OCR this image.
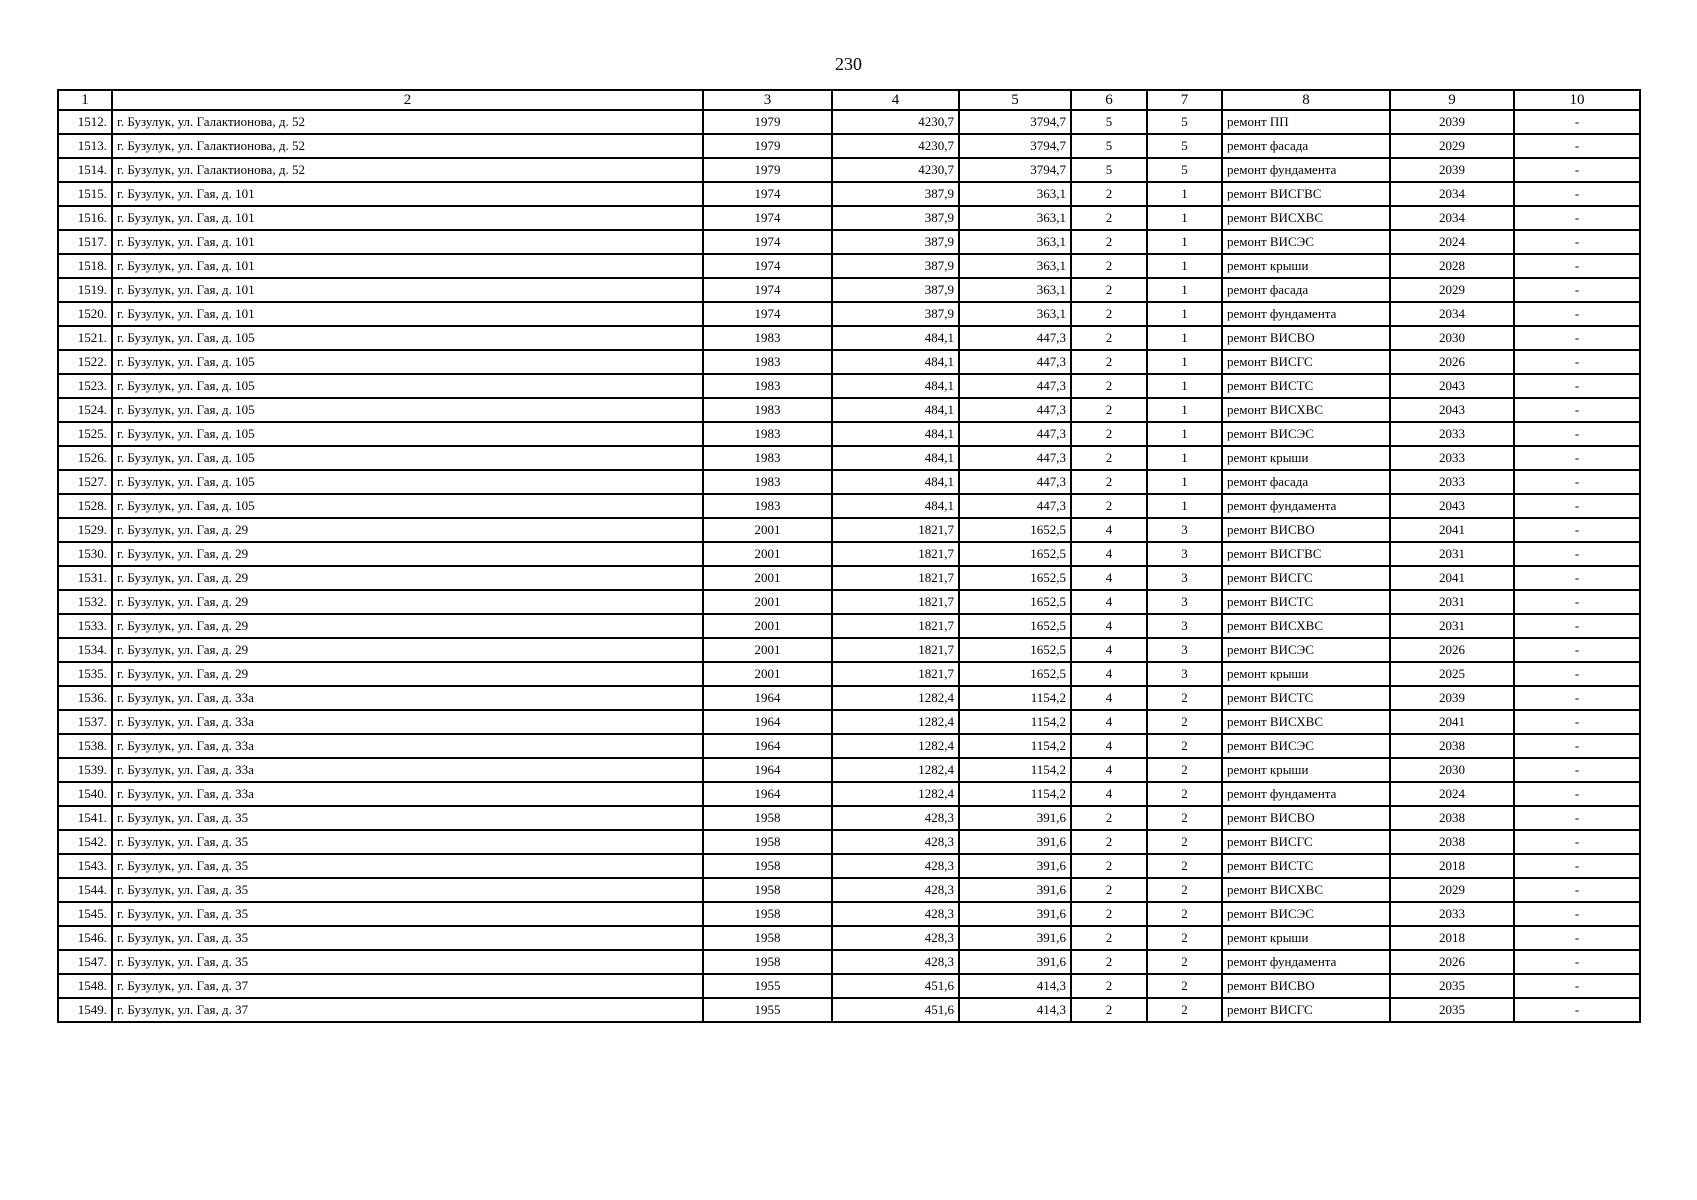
230
1	2	3	4	5	6	7	8	9	10
1512.	г. Бузулук, ул. Галактионова, д. 52	1979	4230,7	3794,7	5	5	ремонт ПП	2039	-
1513.	г. Бузулук, ул. Галактионова, д. 52	1979	4230,7	3794,7	5	5	ремонт фасада	2029	-
1514.	г. Бузулук, ул. Галактионова, д. 52	1979	4230,7	3794,7	5	5	ремонт фундамента	2039	-
1515.	г. Бузулук, ул. Гая, д. 101	1974	387,9	363,1	2	1	ремонт ВИСГВС	2034	-
1516.	г. Бузулук, ул. Гая, д. 101	1974	387,9	363,1	2	1	ремонт ВИСХВС	2034	-
1517.	г. Бузулук, ул. Гая, д. 101	1974	387,9	363,1	2	1	ремонт ВИСЭС	2024	-
1518.	г. Бузулук, ул. Гая, д. 101	1974	387,9	363,1	2	1	ремонт крыши	2028	-
1519.	г. Бузулук, ул. Гая, д. 101	1974	387,9	363,1	2	1	ремонт фасада	2029	-
1520.	г. Бузулук, ул. Гая, д. 101	1974	387,9	363,1	2	1	ремонт фундамента	2034	-
1521.	г. Бузулук, ул. Гая, д. 105	1983	484,1	447,3	2	1	ремонт ВИСВО	2030	-
1522.	г. Бузулук, ул. Гая, д. 105	1983	484,1	447,3	2	1	ремонт ВИСГС	2026	-
1523.	г. Бузулук, ул. Гая, д. 105	1983	484,1	447,3	2	1	ремонт ВИСТС	2043	-
1524.	г. Бузулук, ул. Гая, д. 105	1983	484,1	447,3	2	1	ремонт ВИСХВС	2043	-
1525.	г. Бузулук, ул. Гая, д. 105	1983	484,1	447,3	2	1	ремонт ВИСЭС	2033	-
1526.	г. Бузулук, ул. Гая, д. 105	1983	484,1	447,3	2	1	ремонт крыши	2033	-
1527.	г. Бузулук, ул. Гая, д. 105	1983	484,1	447,3	2	1	ремонт фасада	2033	-
1528.	г. Бузулук, ул. Гая, д. 105	1983	484,1	447,3	2	1	ремонт фундамента	2043	-
1529.	г. Бузулук, ул. Гая, д. 29	2001	1821,7	1652,5	4	3	ремонт ВИСВО	2041	-
1530.	г. Бузулук, ул. Гая, д. 29	2001	1821,7	1652,5	4	3	ремонт ВИСГВС	2031	-
1531.	г. Бузулук, ул. Гая, д. 29	2001	1821,7	1652,5	4	3	ремонт ВИСГС	2041	-
1532.	г. Бузулук, ул. Гая, д. 29	2001	1821,7	1652,5	4	3	ремонт ВИСТС	2031	-
1533.	г. Бузулук, ул. Гая, д. 29	2001	1821,7	1652,5	4	3	ремонт ВИСХВС	2031	-
1534.	г. Бузулук, ул. Гая, д. 29	2001	1821,7	1652,5	4	3	ремонт ВИСЭС	2026	-
1535.	г. Бузулук, ул. Гая, д. 29	2001	1821,7	1652,5	4	3	ремонт крыши	2025	-
1536.	г. Бузулук, ул. Гая, д. 33а	1964	1282,4	1154,2	4	2	ремонт ВИСТС	2039	-
1537.	г. Бузулук, ул. Гая, д. 33а	1964	1282,4	1154,2	4	2	ремонт ВИСХВС	2041	-
1538.	г. Бузулук, ул. Гая, д. 33а	1964	1282,4	1154,2	4	2	ремонт ВИСЭС	2038	-
1539.	г. Бузулук, ул. Гая, д. 33а	1964	1282,4	1154,2	4	2	ремонт крыши	2030	-
1540.	г. Бузулук, ул. Гая, д. 33а	1964	1282,4	1154,2	4	2	ремонт фундамента	2024	-
1541.	г. Бузулук, ул. Гая, д. 35	1958	428,3	391,6	2	2	ремонт ВИСВО	2038	-
1542.	г. Бузулук, ул. Гая, д. 35	1958	428,3	391,6	2	2	ремонт ВИСГС	2038	-
1543.	г. Бузулук, ул. Гая, д. 35	1958	428,3	391,6	2	2	ремонт ВИСТС	2018	-
1544.	г. Бузулук, ул. Гая, д. 35	1958	428,3	391,6	2	2	ремонт ВИСХВС	2029	-
1545.	г. Бузулук, ул. Гая, д. 35	1958	428,3	391,6	2	2	ремонт ВИСЭС	2033	-
1546.	г. Бузулук, ул. Гая, д. 35	1958	428,3	391,6	2	2	ремонт крыши	2018	-
1547.	г. Бузулук, ул. Гая, д. 35	1958	428,3	391,6	2	2	ремонт фундамента	2026	-
1548.	г. Бузулук, ул. Гая, д. 37	1955	451,6	414,3	2	2	ремонт ВИСВО	2035	-
1549.	г. Бузулук, ул. Гая, д. 37	1955	451,6	414,3	2	2	ремонт ВИСГС	2035	-
